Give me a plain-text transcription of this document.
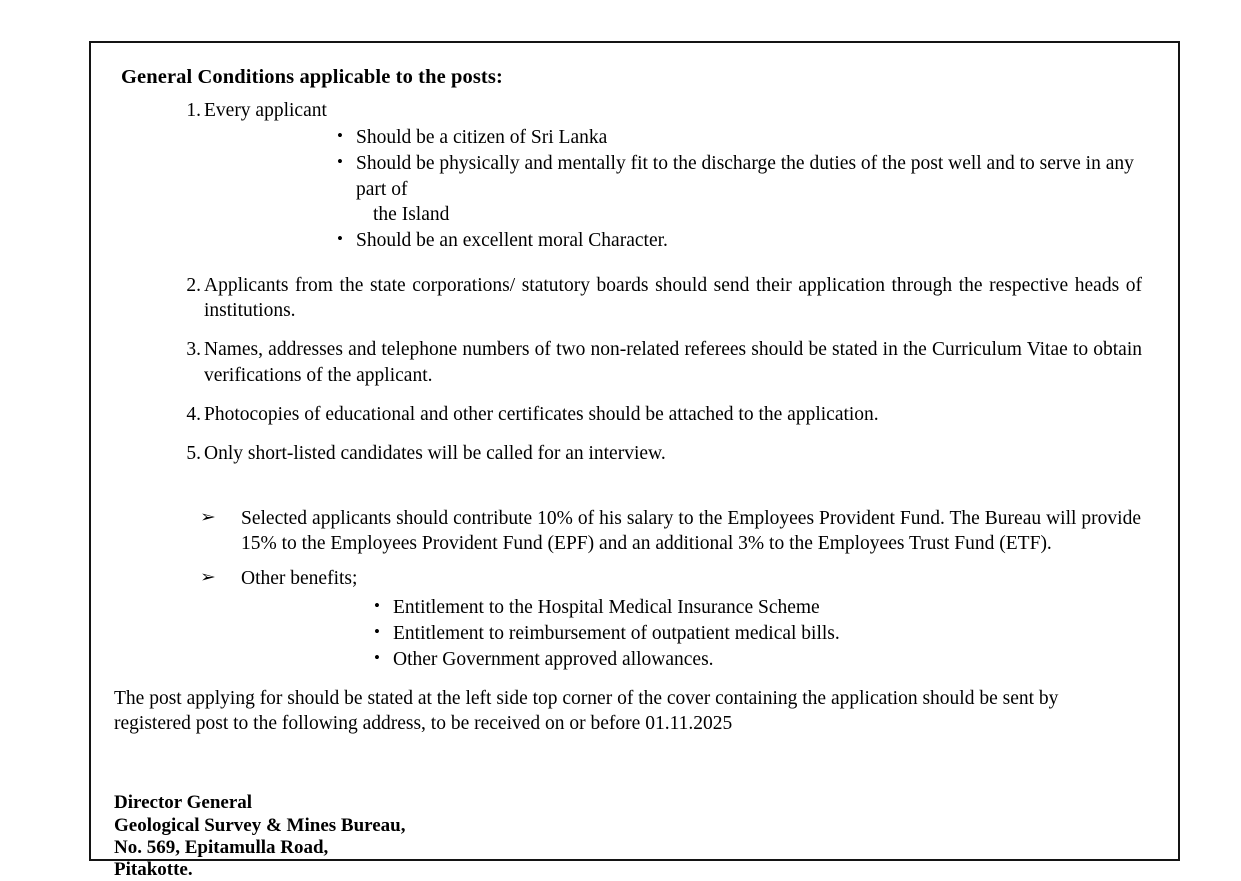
General Conditions applicable to the posts:
1. Every applicant
• Should be a citizen of Sri Lanka
• Should be physically and mentally fit to the discharge the duties of the post well and to serve in any part of
the Island
• Should be an excellent moral Character.
2. Applicants from the state corporations/ statutory boards should send their application through the respective heads of institutions.
3. Names, addresses and telephone numbers of two non-related referees should be stated in the Curriculum Vitae to obtain verifications of the applicant.
4. Photocopies of educational and other certificates should be attached to the application.
5. Only short-listed candidates will be called for an interview.
➢ Selected applicants should contribute 10% of his salary to the Employees Provident Fund. The Bureau will provide 15% to the Employees Provident Fund (EPF) and an additional 3% to the Employees Trust Fund (ETF).
➢ Other benefits;
• Entitlement to the Hospital Medical Insurance Scheme
• Entitlement to reimbursement of outpatient medical bills.
• Other Government approved allowances.

The post applying for should be stated at the left side top corner of the cover containing the application should be sent by registered post to the following address, to be received on or before 01.11.2025

Director General
Geological Survey & Mines Bureau,
No. 569, Epitamulla Road,
Pitakotte.
